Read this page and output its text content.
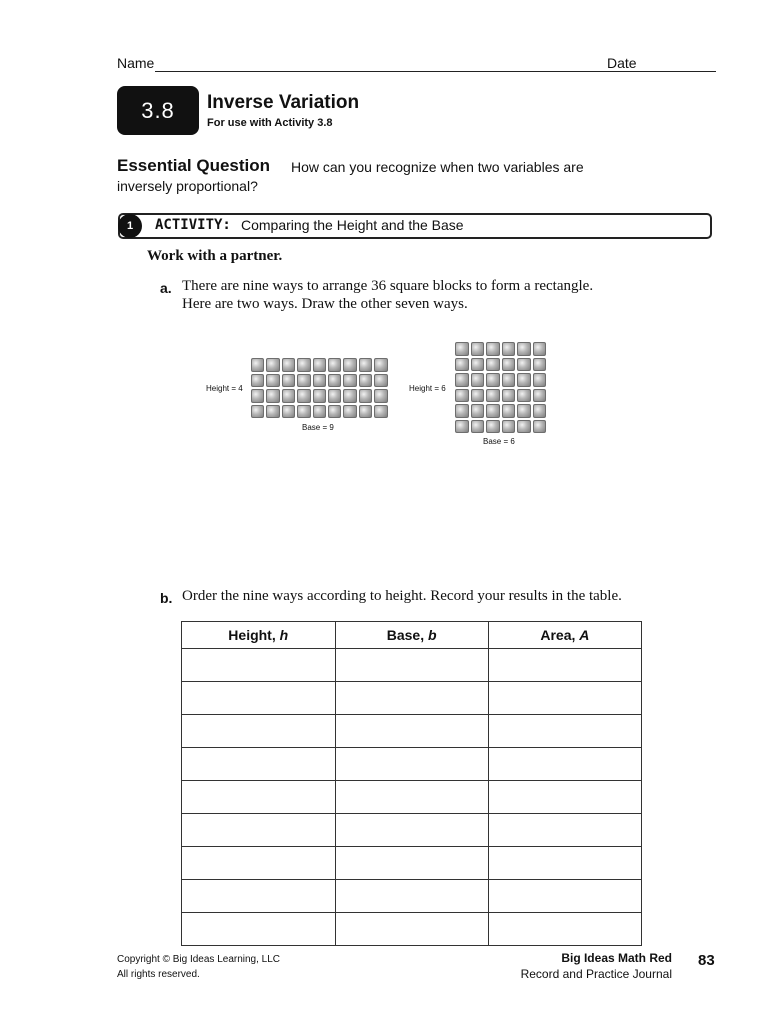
Name	Date
3.8	Inverse Variation
For use with Activity 3.8
Essential Question How can you recognize when two variables are
inversely proportional?
1	ACTIVITY: Comparing the Height and the Base
Work with a partner.
a. There are nine ways to arrange 36 square blocks to form a rectangle.
Here are two ways. Draw the other seven ways.
Height = 4
Base = 9
Height = 6
Base = 6
b. Order the nine ways according to height. Record your results in the table.
Height, h	Base, b	Area, A

Copyright © Big Ideas Learning, LLC
All rights reserved.
Big Ideas Math Red
Record and Practice Journal
83
